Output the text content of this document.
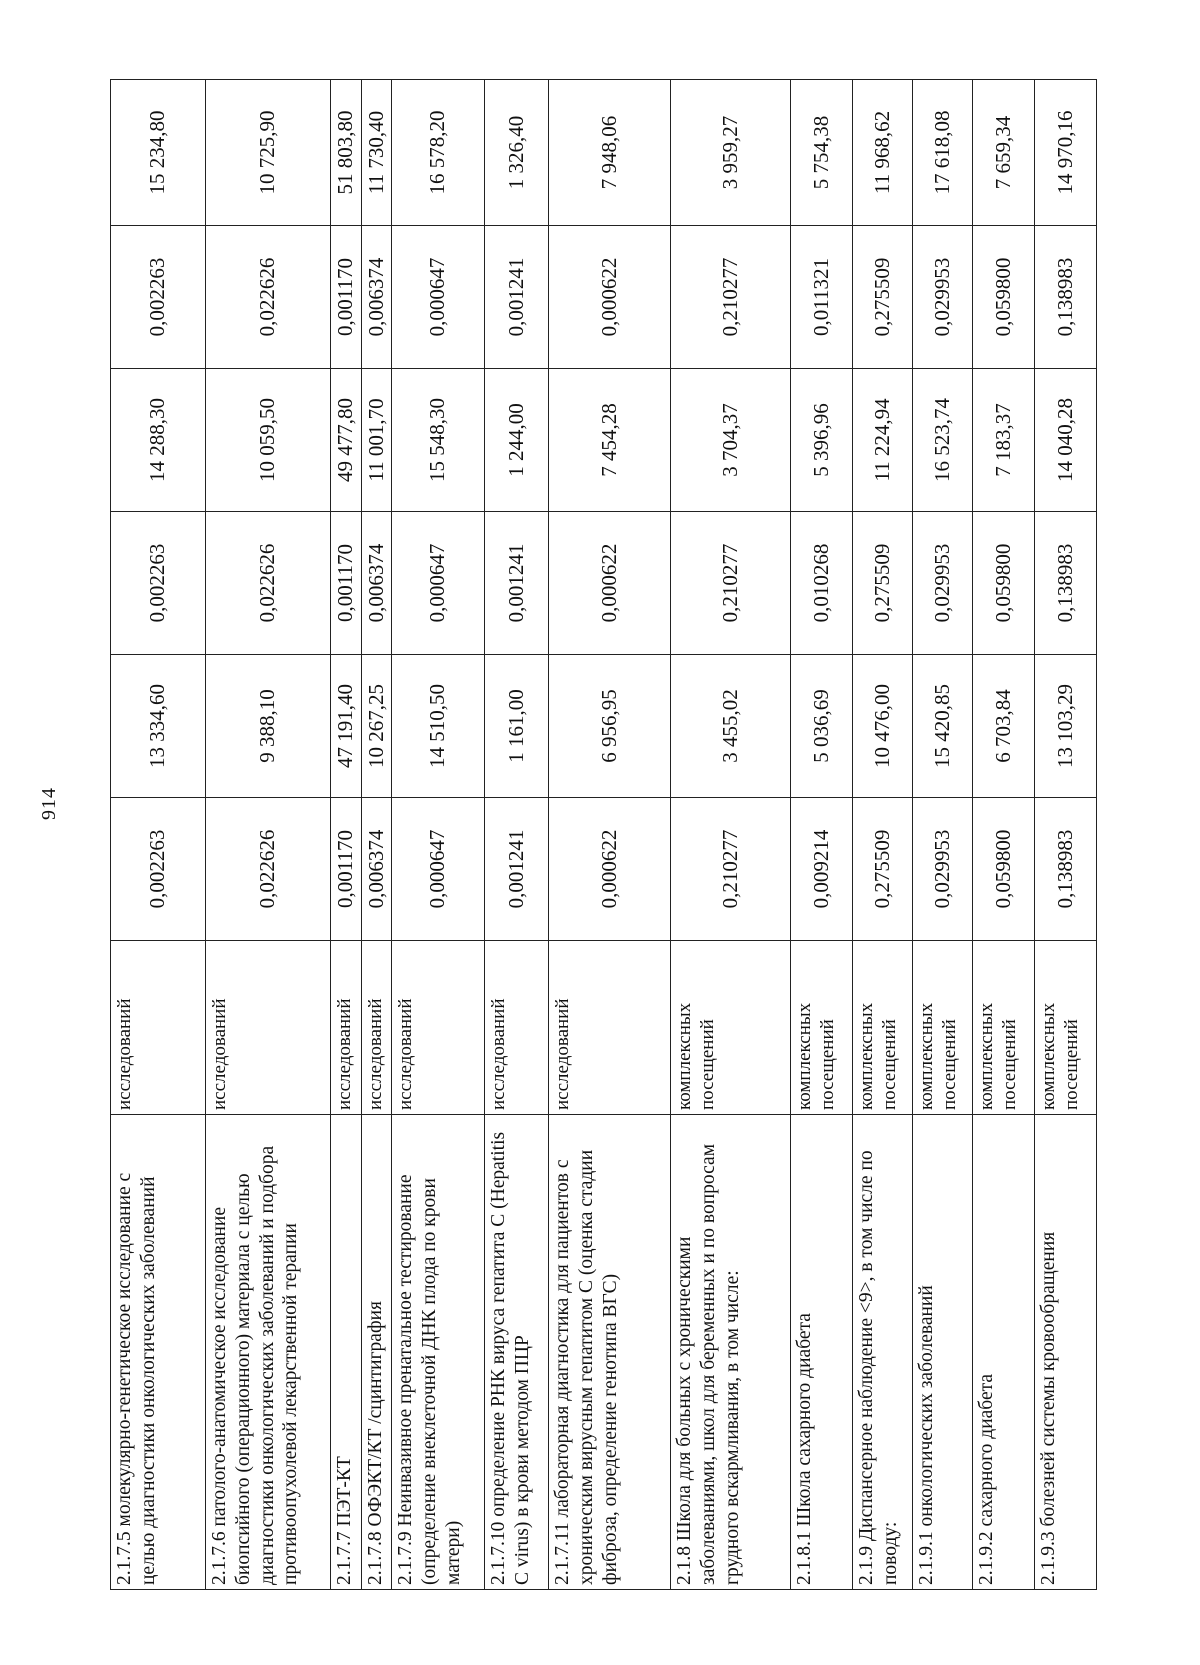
914
2.1.7.5 молекулярно-генетическое исследование с целью диагностики онкологических заболеваний	исследований	0,002263	13 334,60	0,002263	14 288,30	0,002263	15 234,80
2.1.7.6 патолого-анатомическое исследование биопсийного (операционного) материала с целью диагностики онкологических заболеваний и подбора противоопухолевой лекарственной терапии	исследований	0,022626	9 388,10	0,022626	10 059,50	0,022626	10 725,90
2.1.7.7 ПЭТ-КТ	исследований	0,001170	47 191,40	0,001170	49 477,80	0,001170	51 803,80
2.1.7.8 ОФЭКТ/КТ /сцинтиграфия	исследований	0,006374	10 267,25	0,006374	11 001,70	0,006374	11 730,40
2.1.7.9 Неинвазивное пренатальное тестирование (определение внеклеточной ДНК плода по крови матери)	исследований	0,000647	14 510,50	0,000647	15 548,30	0,000647	16 578,20
2.1.7.10 определение РНК вируса гепатита С (Hepatitis C virus) в крови методом ПЦР	исследований	0,001241	1 161,00	0,001241	1 244,00	0,001241	1 326,40
2.1.7.11 лабораторная диагностика для пациентов с хроническим вирусным гепатитом С (оценка стадии фиброза, определение генотипа ВГС)	исследований	0,000622	6 956,95	0,000622	7 454,28	0,000622	7 948,06
2.1.8 Школа для больных с хроническими заболеваниями, школ для беременных и по вопросам грудного вскармливания, в том числе:	комплексных посещений	0,210277	3 455,02	0,210277	3 704,37	0,210277	3 959,27
2.1.8.1 Школа сахарного диабета	комплексных посещений	0,009214	5 036,69	0,010268	5 396,96	0,011321	5 754,38
2.1.9 Диспансерное наблюдение <9>, в том числе по поводу:	комплексных посещений	0,275509	10 476,00	0,275509	11 224,94	0,275509	11 968,62
2.1.9.1 онкологических заболеваний	комплексных посещений	0,029953	15 420,85	0,029953	16 523,74	0,029953	17 618,08
2.1.9.2 сахарного диабета	комплексных посещений	0,059800	6 703,84	0,059800	7 183,37	0,059800	7 659,34
2.1.9.3 болезней системы кровообращения	комплексных посещений	0,138983	13 103,29	0,138983	14 040,28	0,138983	14 970,16
